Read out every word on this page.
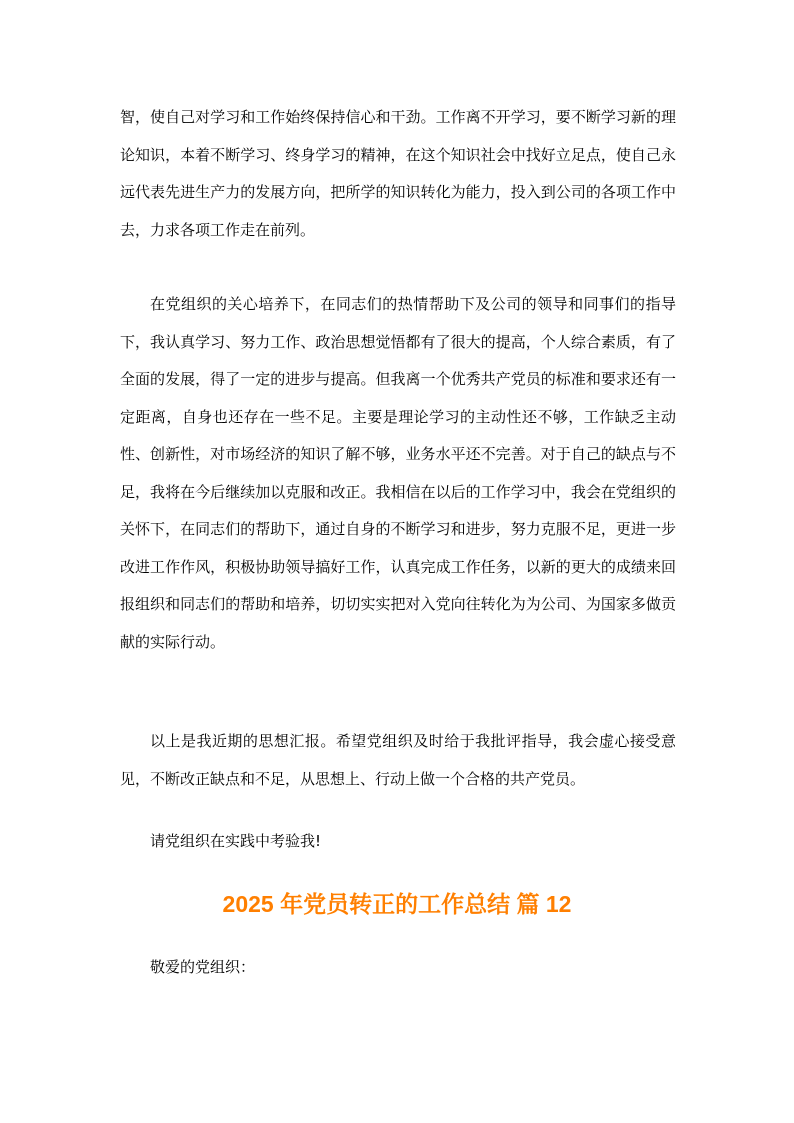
智，使自己对学习和工作始终保持信心和干劲。工作离不开学习，要不断学习新的理论知识，本着不断学习、终身学习的精神，在这个知识社会中找好立足点，使自己永远代表先进生产力的发展方向，把所学的知识转化为能力，投入到公司的各项工作中去，力求各项工作走在前列。

在党组织的关心培养下，在同志们的热情帮助下及公司的领导和同事们的指导下，我认真学习、努力工作、政治思想觉悟都有了很大的提高，个人综合素质，有了全面的发展，得了一定的进步与提高。但我离一个优秀共产党员的标准和要求还有一定距离，自身也还存在一些不足。主要是理论学习的主动性还不够，工作缺乏主动性、创新性，对市场经济的知识了解不够，业务水平还不完善。对于自己的缺点与不足，我将在今后继续加以克服和改正。我相信在以后的工作学习中，我会在党组织的关怀下，在同志们的帮助下，通过自身的不断学习和进步，努力克服不足，更进一步改进工作作风，积极协助领导搞好工作，认真完成工作任务，以新的更大的成绩来回报组织和同志们的帮助和培养，切切实实把对入党向往转化为为公司、为国家多做贡献的实际行动。

以上是我近期的思想汇报。希望党组织及时给于我批评指导，我会虚心接受意见，不断改正缺点和不足，从思想上、行动上做一个合格的共产党员。

请党组织在实践中考验我!

2025 年党员转正的工作总结 篇 12

敬爱的党组织：
